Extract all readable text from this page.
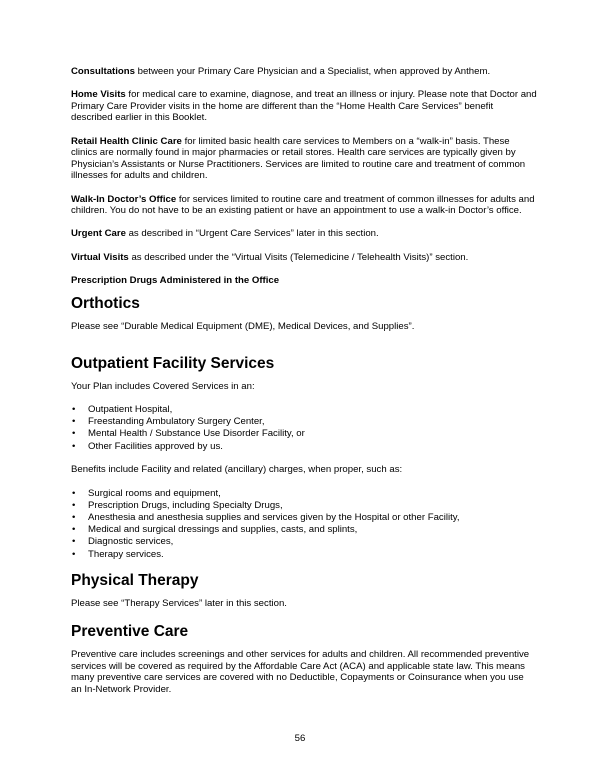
Consultations between your Primary Care Physician and a Specialist, when approved by Anthem.

Home Visits for medical care to examine, diagnose, and treat an illness or injury. Please note that Doctor and Primary Care Provider visits in the home are different than the “Home Health Care Services” benefit described earlier in this Booklet.

Retail Health Clinic Care for limited basic health care services to Members on a “walk-in” basis. These clinics are normally found in major pharmacies or retail stores. Health care services are typically given by Physician’s Assistants or Nurse Practitioners. Services are limited to routine care and treatment of common illnesses for adults and children.

Walk-In Doctor’s Office for services limited to routine care and treatment of common illnesses for adults and children. You do not have to be an existing patient or have an appointment to use a walk-in Doctor’s office.

Urgent Care as described in “Urgent Care Services” later in this section.

Virtual Visits as described under the “Virtual Visits (Telemedicine / Telehealth Visits)” section.

Prescription Drugs Administered in the Office

Orthotics

Please see “Durable Medical Equipment (DME), Medical Devices, and Supplies”.

Outpatient Facility Services

Your Plan includes Covered Services in an:

• Outpatient Hospital,
• Freestanding Ambulatory Surgery Center,
• Mental Health / Substance Use Disorder Facility, or
• Other Facilities approved by us.

Benefits include Facility and related (ancillary) charges, when proper, such as:

• Surgical rooms and equipment,
• Prescription Drugs, including Specialty Drugs,
• Anesthesia and anesthesia supplies and services given by the Hospital or other Facility,
• Medical and surgical dressings and supplies, casts, and splints,
• Diagnostic services,
• Therapy services.
Physical Therapy

Please see “Therapy Services” later in this section.

Preventive Care

Preventive care includes screenings and other services for adults and children. All recommended preventive services will be covered as required by the Affordable Care Act (ACA) and applicable state law. This means many preventive care services are covered with no Deductible, Copayments or Coinsurance when you use an In-Network Provider.

56
